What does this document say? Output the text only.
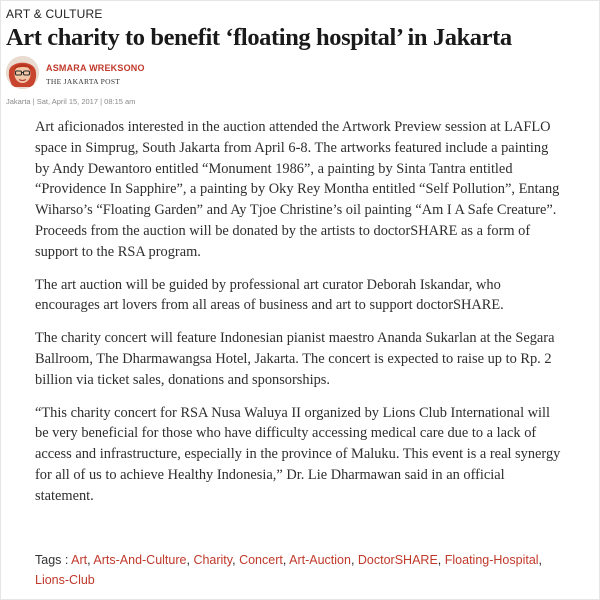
ART & CULTURE
Art charity to benefit ‘floating hospital’ in Jakarta
ASMARA WREKSONO
THE JAKARTA POST
Jakarta | Sat, April 15, 2017 | 08:15 am

Art aficionados interested in the auction attended the Artwork Preview session at LAFLO space in Simprug, South Jakarta from April 6-8. The artworks featured include a painting by Andy Dewantoro entitled “Monument 1986”, a painting by Sinta Tantra entitled “Providence In Sapphire”, a painting by Oky Rey Montha entitled “Self Pollution”, Entang Wiharso’s “Floating Garden” and Ay Tjoe Christine’s oil painting “Am I A Safe Creature”. Proceeds from the auction will be donated by the artists to doctorSHARE as a form of support to the RSA program.

The art auction will be guided by professional art curator Deborah Iskandar, who encourages art lovers from all areas of business and art to support doctorSHARE.

The charity concert will feature Indonesian pianist maestro Ananda Sukarlan at the Segara Ballroom, The Dharmawangsa Hotel, Jakarta. The concert is expected to raise up to Rp. 2 billion via ticket sales, donations and sponsorships.

“This charity concert for RSA Nusa Waluya II organized by Lions Club International will be very beneficial for those who have difficulty accessing medical care due to a lack of access and infrastructure, especially in the province of Maluku. This event is a real synergy for all of us to achieve Healthy Indonesia,” Dr. Lie Dharmawan said in an official statement.

Tags : Art, Arts-And-Culture, Charity, Concert, Art-Auction, DoctorSHARE, Floating-Hospital, Lions-Club
